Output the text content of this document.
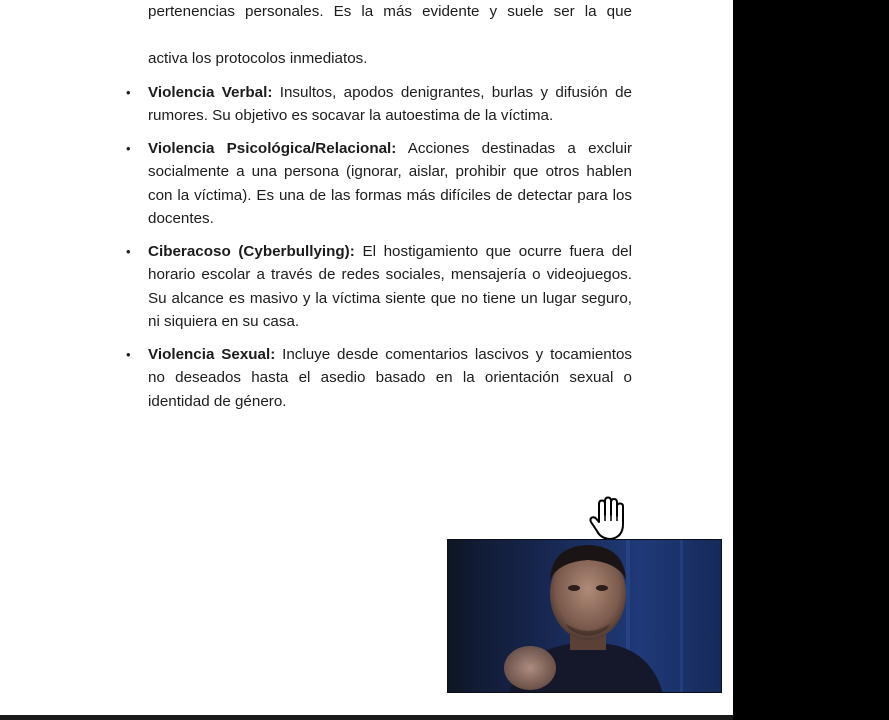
pertenencias personales. Es la más evidente y suele ser la que activa los protocolos inmediatos.

• Violencia Verbal: Insultos, apodos denigrantes, burlas y difusión de rumores. Su objetivo es socavar la autoestima de la víctima.
• Violencia Psicológica/Relacional: Acciones destinadas a excluir socialmente a una persona (ignorar, aislar, prohibir que otros hablen con la víctima). Es una de las formas más difíciles de detectar para los docentes.
• Ciberacoso (Cyberbullying): El hostigamiento que ocurre fuera del horario escolar a través de redes sociales, mensajería o videojuegos. Su alcance es masivo y la víctima siente que no tiene un lugar seguro, ni siquiera en su casa.
• Violencia Sexual: Incluye desde comentarios lascivos y tocamientos no deseados hasta el asedio basado en la orientación sexual o identidad de género.
